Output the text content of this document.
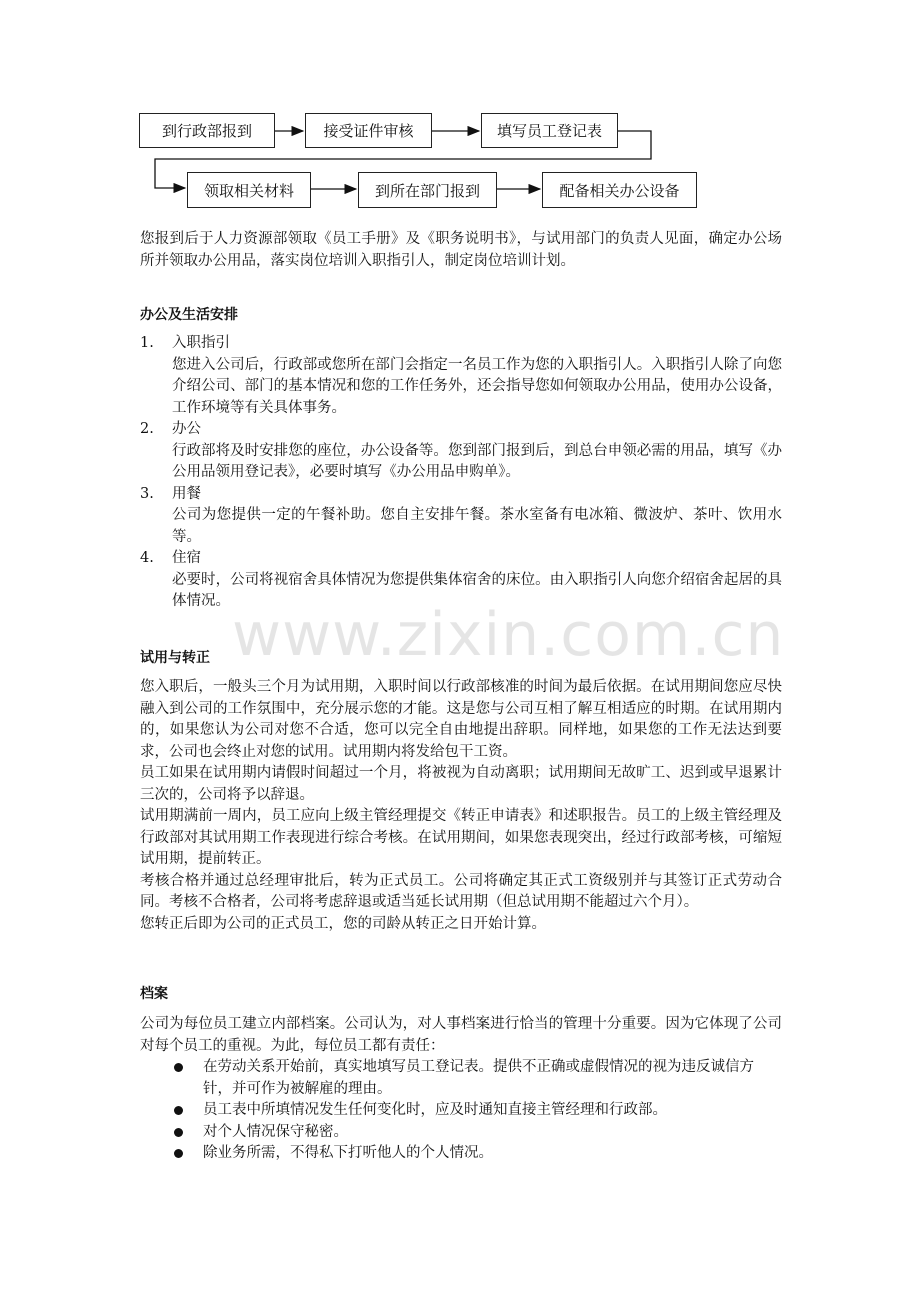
到行政部报到	接受证件审核	填写员工登记表
领取相关材料	到所在部门报到	配备相关办公设备

您报到后于人力资源部领取《员工手册》及《职务说明书》，与试用部门的负责人见面，确定办公场所并领取办公用品，落实岗位培训入职指引人，制定岗位培训计划。

办公及生活安排
1.	入职指引

您进入公司后，行政部或您所在部门会指定一名员工作为您的入职指引人。入职指引人除了向您介绍公司、部门的基本情况和您的工作任务外，还会指导您如何领取办公用品，使用办公设备，工作环境等有关具体事务。

2.	办公

行政部将及时安排您的座位，办公设备等。您到部门报到后，到总台申领必需的用品，填写《办公用品领用登记表》，必要时填写《办公用品申购单》。

3.	用餐

公司为您提供一定的午餐补助。您自主安排午餐。茶水室备有电冰箱、微波炉、茶叶、饮用水等。

4.	住宿

必要时，公司将视宿舍具体情况为您提供集体宿舍的床位。由入职指引人向您介绍宿舍起居的具体情况。 www.zixin.com.cn
试用与转正

您入职后，一般头三个月为试用期，入职时间以行政部核准的时间为最后依据。在试用期间您应尽快融入到公司的工作氛围中，充分展示您的才能。这是您与公司互相了解互相适应的时期。在试用期内的，如果您认为公司对您不合适，您可以完全自由地提出辞职。同样地，如果您的工作无法达到要求，公司也会终止对您的试用。试用期内将发给包干工资。

员工如果在试用期内请假时间超过一个月，将被视为自动离职；试用期间无故旷工、迟到或早退累计三次的，公司将予以辞退。

试用期满前一周内，员工应向上级主管经理提交《转正申请表》和述职报告。员工的上级主管经理及行政部对其试用期工作表现进行综合考核。在试用期间，如果您表现突出，经过行政部考核，可缩短试用期，提前转正。

考核合格并通过总经理审批后，转为正式员工。公司将确定其正式工资级别并与其签订正式劳动合同。考核不合格者，公司将考虑辞退或适当延长试用期（但总试用期不能超过六个月）。

您转正后即为公司的正式员工，您的司龄从转正之日开始计算。

档案

公司为每位员工建立内部档案。公司认为，对人事档案进行恰当的管理十分重要。因为它体现了公司对每个员工的重视。为此，每位员工都有责任：

在劳动关系开始前，真实地填写员工登记表。提供不正确或虚假情况的视为违反诚信方针，并可作为被解雇的理由。
员工表中所填情况发生任何变化时，应及时通知直接主管经理和行政部。
对个人情况保守秘密。
除业务所需，不得私下打听他人的个人情况。
